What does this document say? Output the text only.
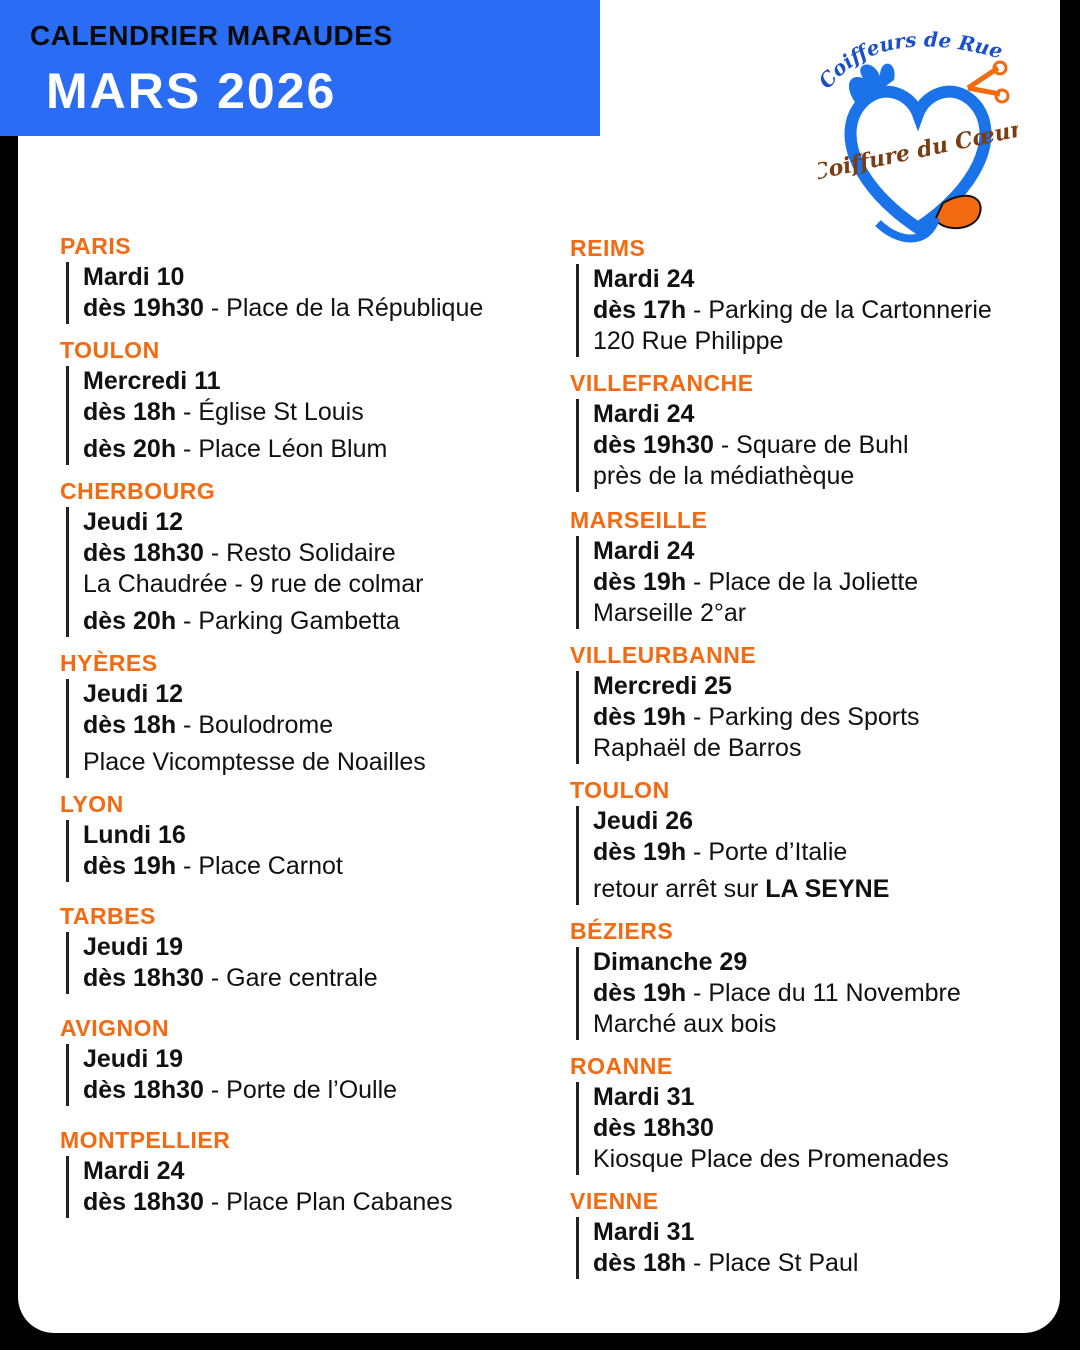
CALENDRIER MARAUDES
MARS 2026	Coiffeurs de Rue
Coiffure du Cœur
PARIS
Mardi 10
dès 19h30 - Place de la République
TOULON
Mercredi 11
dès 18h - Église St Louis
dès 20h - Place Léon Blum
CHERBOURG
Jeudi 12
dès 18h30 - Resto Solidaire
La Chaudrée - 9 rue de colmar
dès 20h - Parking Gambetta
HYÈRES
Jeudi 12
dès 18h - Boulodrome
Place Vicomptesse de Noailles
LYON
Lundi 16
dès 19h - Place Carnot
TARBES
Jeudi 19
dès 18h30 - Gare centrale
AVIGNON
Jeudi 19
dès 18h30 - Porte de l’Oulle
MONTPELLIER
Mardi 24
dès 18h30 - Place Plan Cabanes
REIMS
Mardi 24
dès 17h - Parking de la Cartonnerie
120 Rue Philippe
VILLEFRANCHE
Mardi 24
dès 19h30 - Square de Buhl
près de la médiathèque
MARSEILLE
Mardi 24
dès 19h - Place de la Joliette
Marseille 2°ar
VILLEURBANNE
Mercredi 25
dès 19h - Parking des Sports
Raphaël de Barros
TOULON
Jeudi 26
dès 19h - Porte d’Italie
retour arrêt sur LA SEYNE
BÉZIERS
Dimanche 29
dès 19h - Place du 11 Novembre
Marché aux bois
ROANNE
Mardi 31
dès 18h30
Kiosque Place des Promenades
VIENNE
Mardi 31
dès 18h - Place St Paul
